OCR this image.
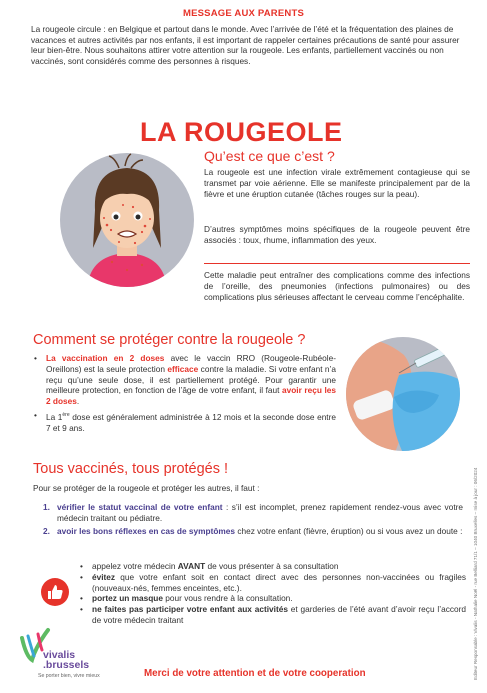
MESSAGE AUX PARENTS
La rougeole circule : en Belgique et partout dans le monde. Avec l’arrivée de l’été et la fréquentation des plaines de vacances et autres activités par nos enfants, il est important de rappeler certaines précautions de santé pour assurer leur bien-être. Nous souhaitons attirer votre attention sur la rougeole. Les enfants, partiellement vaccinés ou non vaccinés, sont considérés comme des personnes à risques.
LA ROUGEOLE
Qu’est ce que c’est ?
La rougeole est une infection virale extrêmement contagieuse qui se transmet par voie aérienne. Elle se manifeste principalement par de la fièvre et une éruption cutanée (tâches rouges sur la peau).
D’autres symptômes moins spécifiques de la rougeole peuvent être associés : toux, rhume, inflammation des yeux.
Cette maladie peut entraîner des complications comme des infections de l’oreille, des pneumonies (infections pulmonaires) ou des complications plus sérieuses affectant le cerveau comme l’encéphalite.
Comment se protéger contre la rougeole ?
• La vaccination en 2 doses avec le vaccin RRO (Rougeole-Rubéole-Oreillons) est la seule protection efficace contre la maladie. Si votre enfant n’a reçu qu’une seule dose, il est partiellement protégé. Pour garantir une meilleure protection, en fonction de l’âge de votre enfant, il faut avoir reçu les 2 doses.
• La 1ère dose est généralement administrée à 12 mois et la seconde dose entre 7 et 9 ans.
Tous vaccinés, tous protégés !
Pour se protéger de la rougeole et protéger les autres, il faut :
1. vérifier le statut vaccinal de votre enfant : s’il est incomplet, prenez rapidement rendez-vous avec votre médecin traitant ou pédiatre.
2. avoir les bons réflexes en cas de symptômes chez votre enfant (fièvre, éruption) ou si vous avez un doute :
• appelez votre médecin AVANT de vous présenter à sa consultation
• évitez que votre enfant soit en contact direct avec des personnes non-vaccinées ou fragiles (nouveaux-nés, femmes enceintes, etc.).
• portez un masque pour vous rendre à la consultation.
• ne faites pas participer votre enfant aux activités et garderies de l’été avant d’avoir reçu l’accord de votre médecin traitant
vivalis
.brussels
Se porter bien, vivre mieux	Merci de votre attention et de votre cooperation	Editeur Responsable : Vivalis - Nathalie Noël - rue Belliard 71/1 – 1040 Bruxelles – mise à jour : 06/2024
